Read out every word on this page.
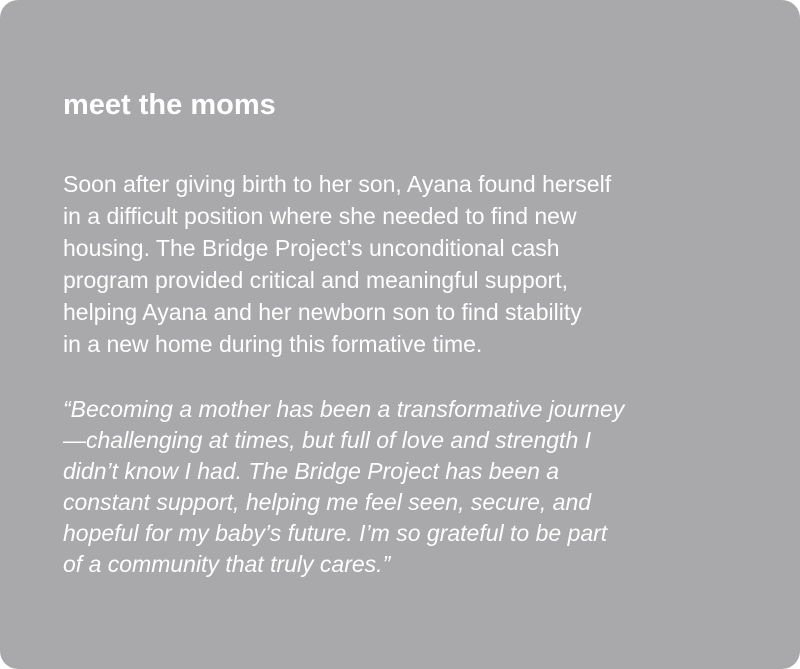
meet the moms

Soon after giving birth to her son, Ayana found herself
in a difficult position where she needed to find new
housing. The Bridge Project’s unconditional cash
program provided critical and meaningful support,
helping Ayana and her newborn son to find stability
in a new home during this formative time.

“Becoming a mother has been a transformative journey
—challenging at times, but full of love and strength I
didn’t know I had. The Bridge Project has been a
constant support, helping me feel seen, secure, and
hopeful for my baby’s future. I’m so grateful to be part
of a community that truly cares.”
